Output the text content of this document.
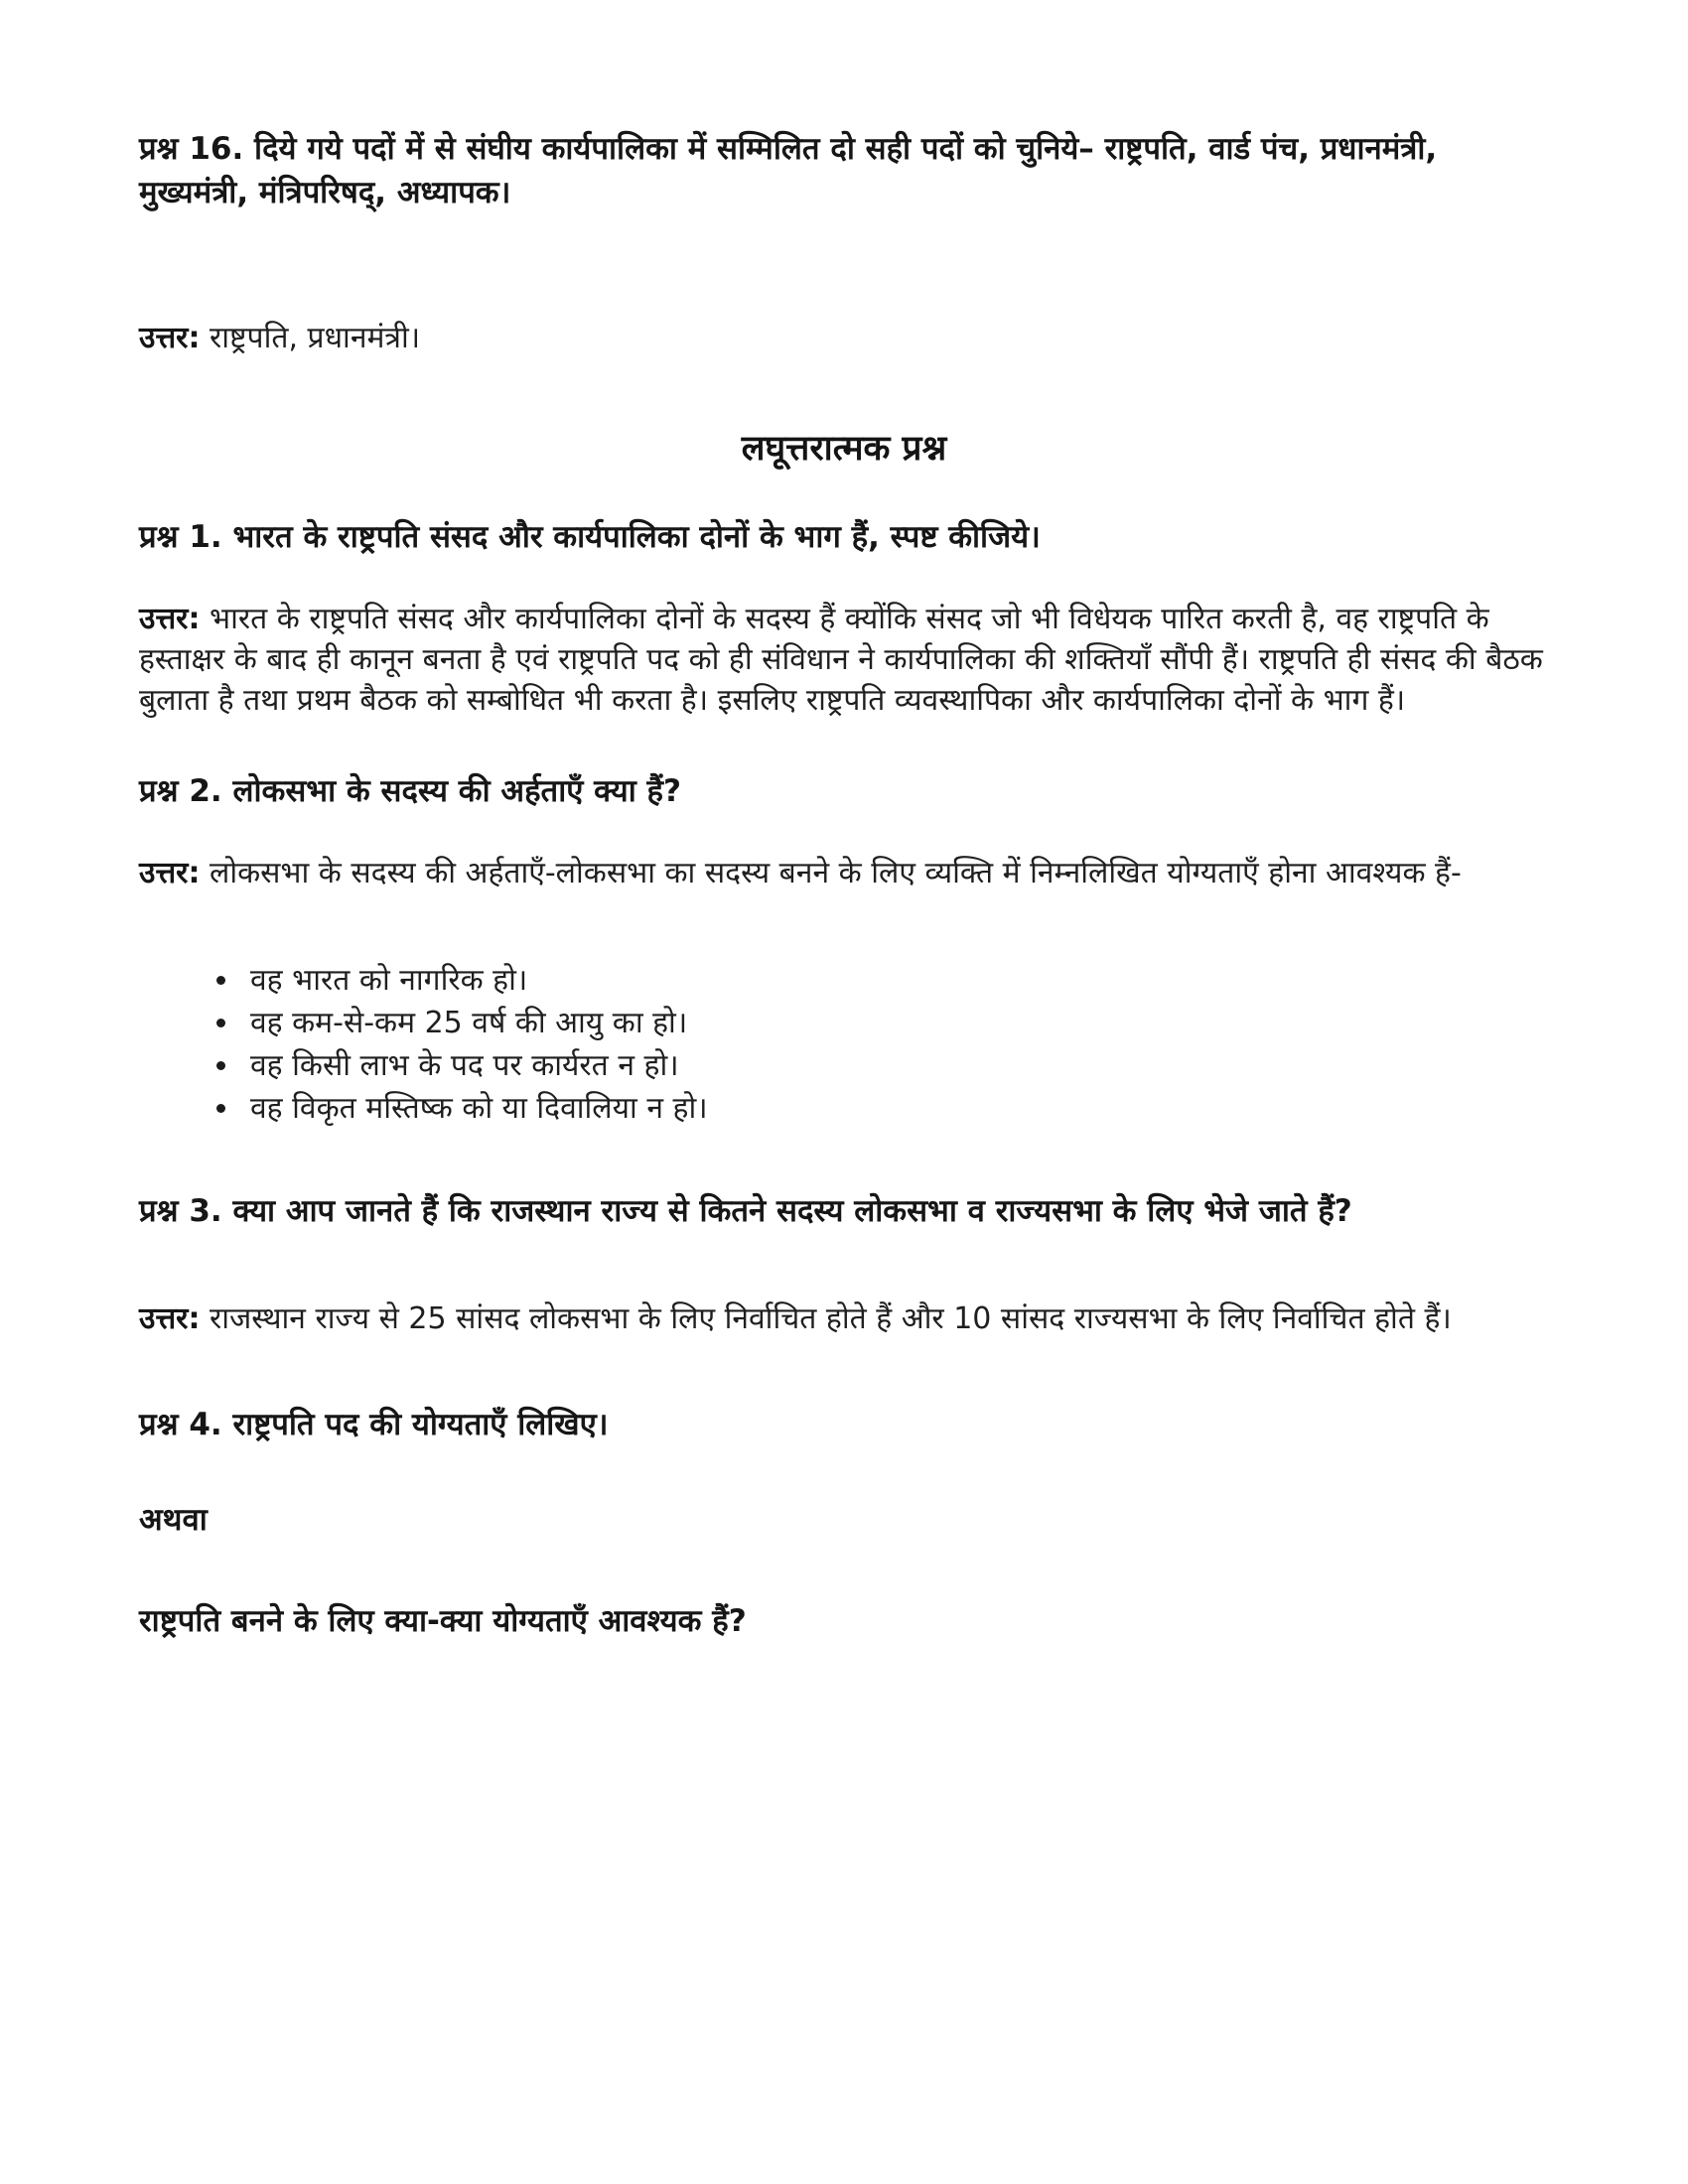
प्रश्न 16. दिये गये पदों में से संघीय कार्यपालिका में सम्मिलित दो सही पदों को चुनिये– राष्ट्रपति, वार्ड पंच, प्रधानमंत्री, मुख्यमंत्री, मंत्रिपरिषद्, अध्यापक।

उत्तर: राष्ट्रपति, प्रधानमंत्री।

लघूत्तरात्मक प्रश्न

प्रश्न 1. भारत के राष्ट्रपति संसद और कार्यपालिका दोनों के भाग हैं, स्पष्ट कीजिये।

उत्तर: भारत के राष्ट्रपति संसद और कार्यपालिका दोनों के सदस्य हैं क्योंकि संसद जो भी विधेयक पारित करती है, वह राष्ट्रपति के हस्ताक्षर के बाद ही कानून बनता है एवं राष्ट्रपति पद को ही संविधान ने कार्यपालिका की शक्तियाँ सौंपी हैं। राष्ट्रपति ही संसद की बैठक बुलाता है तथा प्रथम बैठक को सम्बोधित भी करता है। इसलिए राष्ट्रपति व्यवस्थापिका और कार्यपालिका दोनों के भाग हैं।

प्रश्न 2. लोकसभा के सदस्य की अर्हताएँ क्या हैं?

उत्तर: लोकसभा के सदस्य की अर्हताएँ-लोकसभा का सदस्य बनने के लिए व्यक्ति में निम्नलिखित योग्यताएँ होना आवश्यक हैं-

वह भारत को नागरिक हो।
वह कम-से-कम 25 वर्ष की आयु का हो।
वह किसी लाभ के पद पर कार्यरत न हो।
वह विकृत मस्तिष्क को या दिवालिया न हो।

प्रश्न 3. क्या आप जानते हैं कि राजस्थान राज्य से कितने सदस्य लोकसभा व राज्यसभा के लिए भेजे जाते हैं?

उत्तर: राजस्थान राज्य से 25 सांसद लोकसभा के लिए निर्वाचित होते हैं और 10 सांसद राज्यसभा के लिए निर्वाचित होते हैं।

प्रश्न 4. राष्ट्रपति पद की योग्यताएँ लिखिए।

अथवा

राष्ट्रपति बनने के लिए क्या-क्या योग्यताएँ आवश्यक हैं?
